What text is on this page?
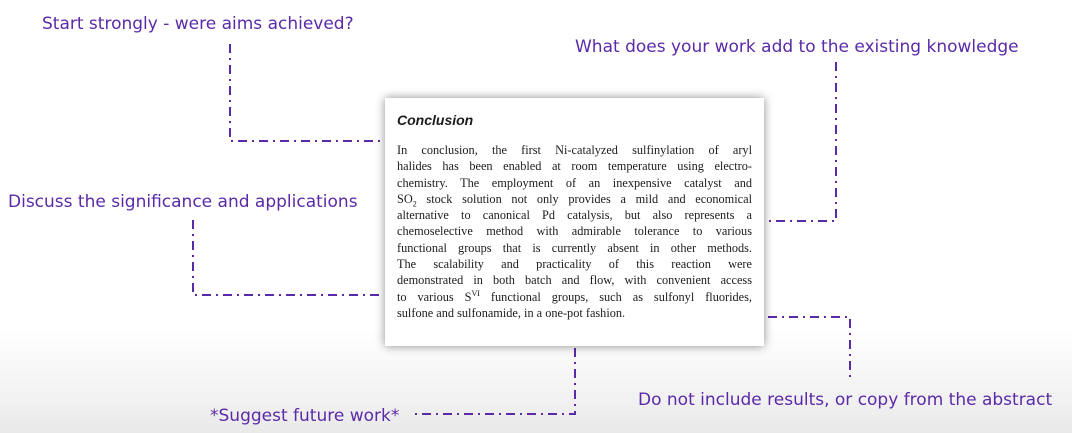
Start strongly - were aims achieved?
What does your work add to the existing knowledge
Discuss the significance and applications
*Suggest future work*
Do not include results, or copy from the abstract
Conclusion
In conclusion, the first Ni-catalyzed sulfinylation of aryl
halides has been enabled at room temperature using electro-
chemistry. The employment of an inexpensive catalyst and
$SO_2$ stock solution not only provides a mild and economical
alternative to canonical Pd catalysis, but also represents a
chemoselective method with admirable tolerance to various
functional groups that is currently absent in other methods.
The scalability and practicality of this reaction were
demonstrated in both batch and flow, with convenient access
to various $S^{VI}$ functional groups, such as sulfonyl fluorides,
sulfone and sulfonamide, in a one-pot fashion.
